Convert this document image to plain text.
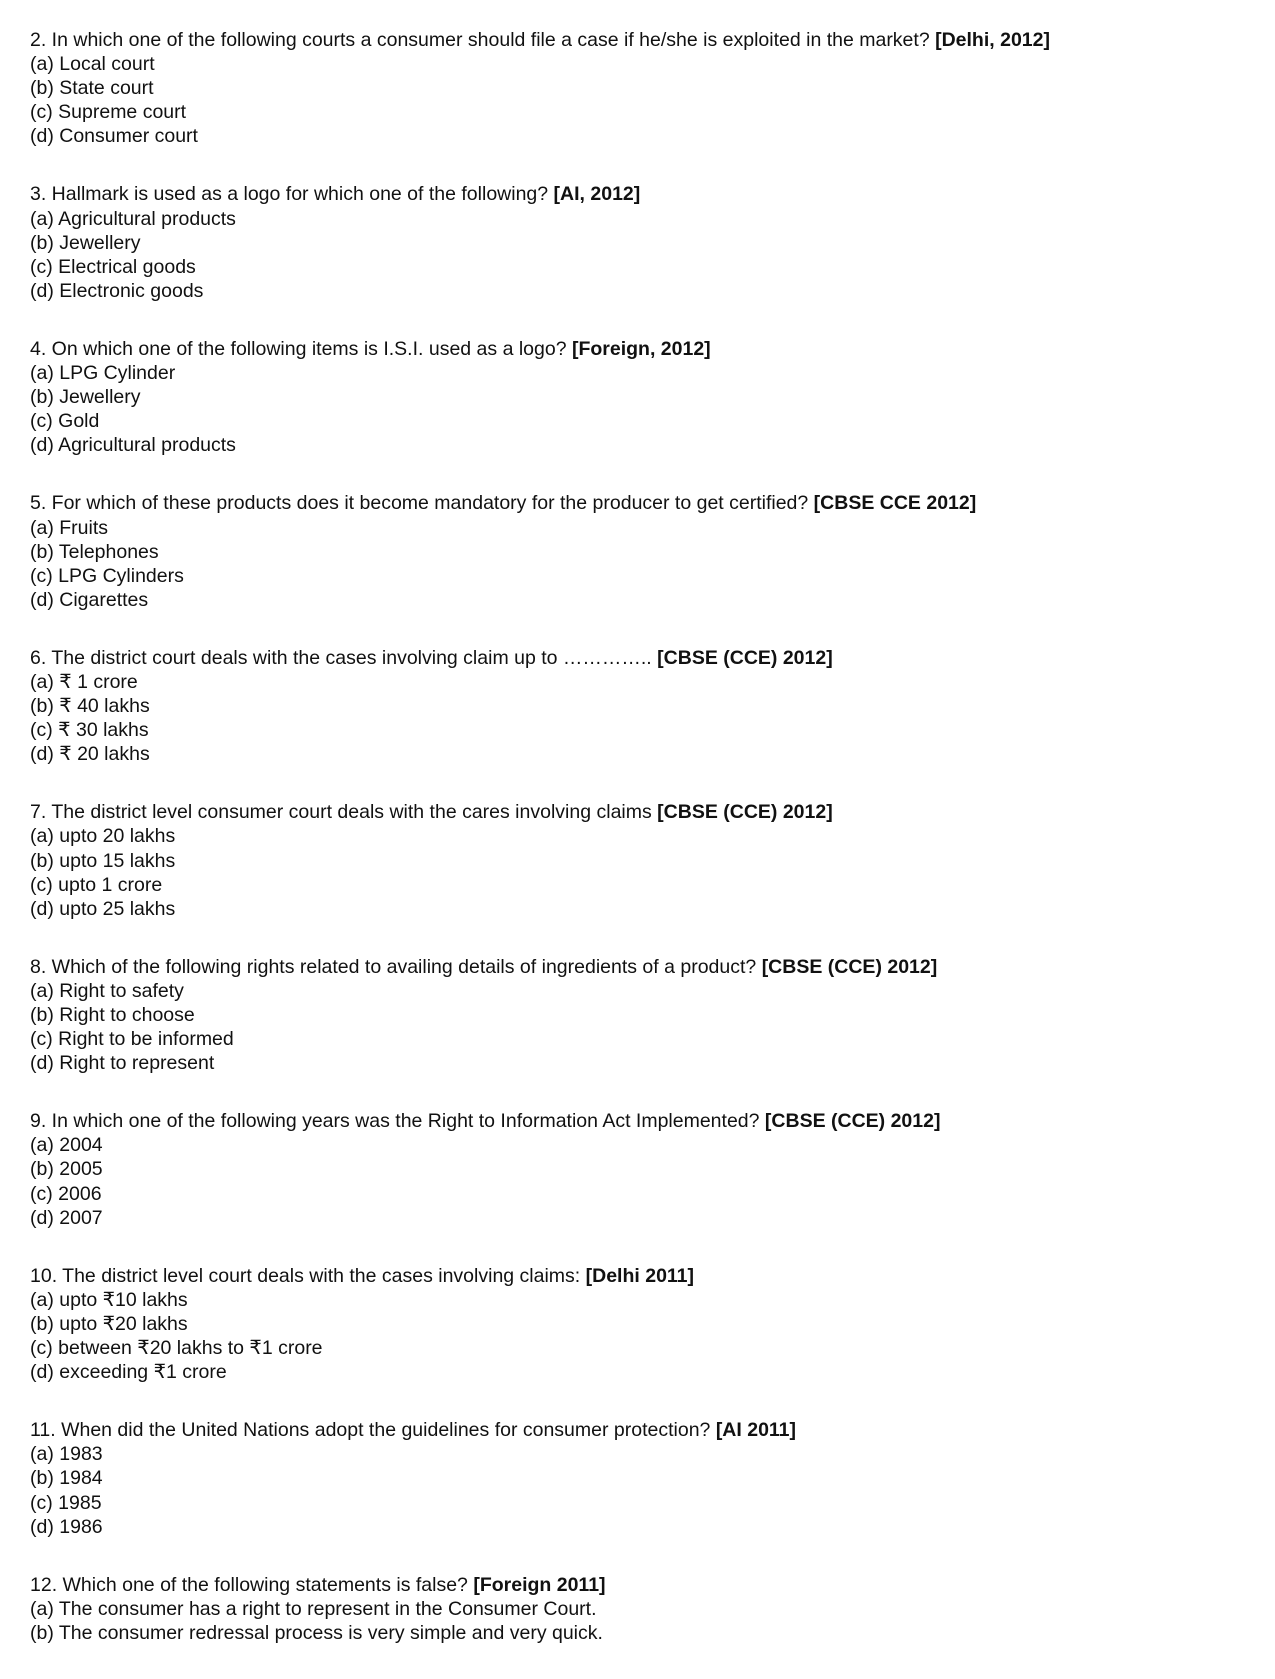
2. In which one of the following courts a consumer should file a case if he/she is exploited in the market? [Delhi, 2012]
(a) Local court
(b) State court
(c) Supreme court
(d) Consumer court
3. Hallmark is used as a logo for which one of the following? [AI, 2012]
(a) Agricultural products
(b) Jewellery
(c) Electrical goods
(d) Electronic goods
4. On which one of the following items is I.S.I. used as a logo? [Foreign, 2012]
(a) LPG Cylinder
(b) Jewellery
(c) Gold
(d) Agricultural products
5. For which of these products does it become mandatory for the producer to get certified? [CBSE CCE 2012]
(a) Fruits
(b) Telephones
(c) LPG Cylinders
(d) Cigarettes
6. The district court deals with the cases involving claim up to ………….. [CBSE (CCE) 2012]
(a) ₹ 1 crore
(b) ₹ 40 lakhs
(c) ₹ 30 lakhs
(d) ₹ 20 lakhs
7. The district level consumer court deals with the cares involving claims [CBSE (CCE) 2012]
(a) upto 20 lakhs
(b) upto 15 lakhs
(c) upto 1 crore
(d) upto 25 lakhs
8. Which of the following rights related to availing details of ingredients of a product? [CBSE (CCE) 2012]
(a) Right to safety
(b) Right to choose
(c) Right to be informed
(d) Right to represent
9. In which one of the following years was the Right to Information Act Implemented? [CBSE (CCE) 2012]
(a) 2004
(b) 2005
(c) 2006
(d) 2007
10. The district level court deals with the cases involving claims: [Delhi 2011]
(a) upto ₹10 lakhs
(b) upto ₹20 lakhs
(c) between ₹20 lakhs to ₹1 crore
(d) exceeding ₹1 crore
11. When did the United Nations adopt the guidelines for consumer protection? [AI 2011]
(a) 1983
(b) 1984
(c) 1985
(d) 1986
12. Which one of the following statements is false? [Foreign 2011]
(a) The consumer has a right to represent in the Consumer Court.
(b) The consumer redressal process is very simple and very quick.
